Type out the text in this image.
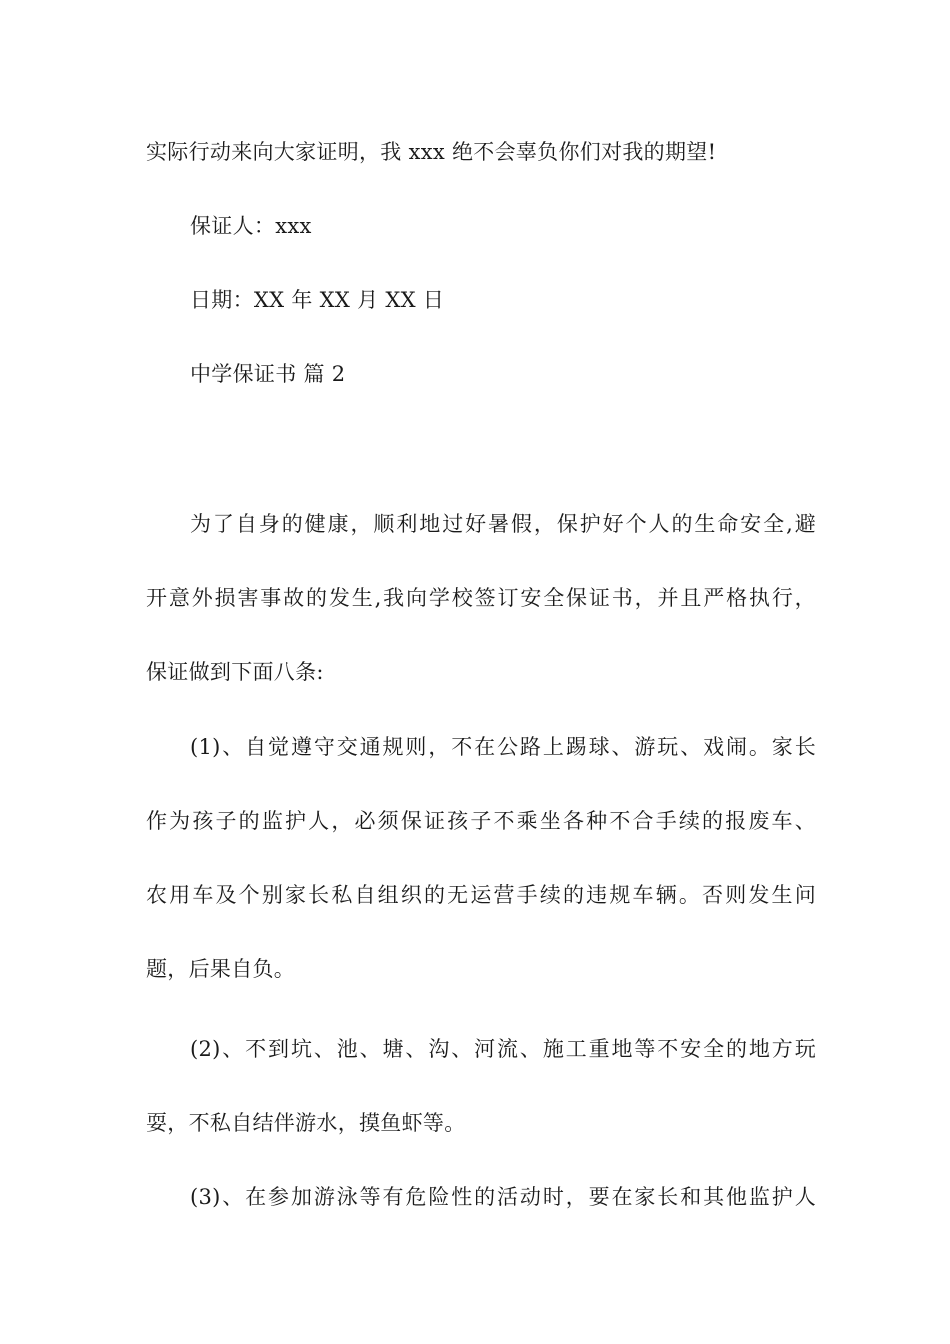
实际行动来向大家证明，我 xxx 绝不会辜负你们对我的期望!
保证人：xxx
日期：XX 年 XX 月 XX 日
中学保证书 篇 2
为了自身的健康，顺利地过好暑假，保护好个人的生命安全,避
开意外损害事故的发生,我向学校签订安全保证书，并且严格执行，
保证做到下面八条:
(1)、自觉遵守交通规则，不在公路上踢球、游玩、戏闹。家长
作为孩子的监护人，必须保证孩子不乘坐各种不合手续的报废车、
农用车及个别家长私自组织的无运营手续的违规车辆。否则发生问
题，后果自负。
(2)、不到坑、池、塘、沟、河流、施工重地等不安全的地方玩
耍，不私自结伴游水，摸鱼虾等。
(3)、在参加游泳等有危险性的活动时，要在家长和其他监护人
